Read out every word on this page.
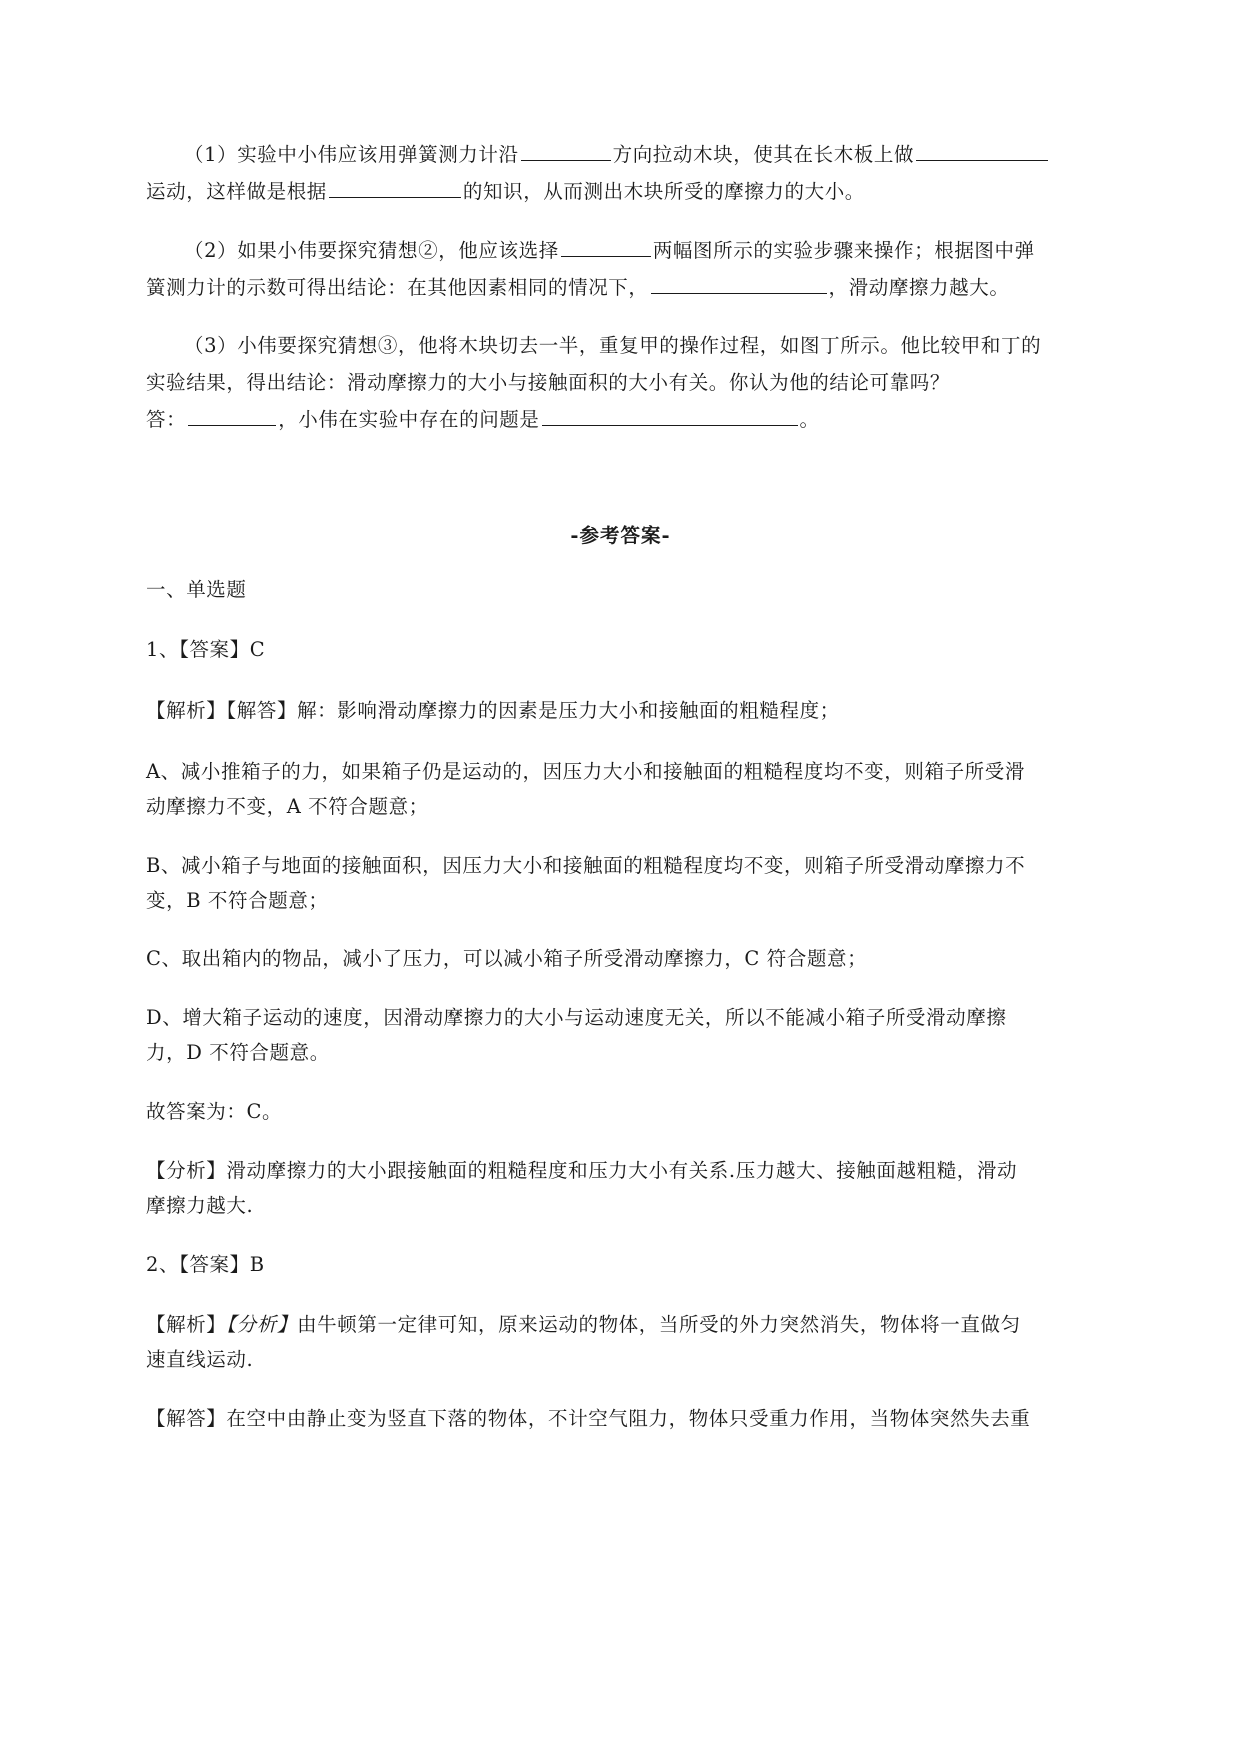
（1）实验中小伟应该用弹簧测力计沿	方向拉动木块，使其在长木板上做
运动，这样做是根据	的知识，从而测出木块所受的摩擦力的大小。
（2）如果小伟要探究猜想②，他应该选择	两幅图所示的实验步骤来操作；根据图中弹
簧测力计的示数可得出结论：在其他因素相同的情况下，	，滑动摩擦力越大。
（3）小伟要探究猜想③，他将木块切去一半，重复甲的操作过程，如图丁所示。他比较甲和丁的
实验结果，得出结论：滑动摩擦力的大小与接触面积的大小有关。你认为他的结论可靠吗？
答：	，小伟在实验中存在的问题是	。
-参考答案-
一、单选题
1、【答案】C
【解析】【解答】解：影响滑动摩擦力的因素是压力大小和接触面的粗糙程度；
A、减小推箱子的力，如果箱子仍是运动的，因压力大小和接触面的粗糙程度均不变，则箱子所受滑
动摩擦力不变，A 不符合题意；
B、减小箱子与地面的接触面积，因压力大小和接触面的粗糙程度均不变，则箱子所受滑动摩擦力不
变，B 不符合题意；
C、取出箱内的物品，减小了压力，可以减小箱子所受滑动摩擦力，C 符合题意；
D、增大箱子运动的速度，因滑动摩擦力的大小与运动速度无关，所以不能减小箱子所受滑动摩擦
力，D 不符合题意。
故答案为：C。
【分析】滑动摩擦力的大小跟接触面的粗糙程度和压力大小有关系.压力越大、接触面越粗糙，滑动
摩擦力越大.
2、【答案】B
【解析】【分析】由牛顿第一定律可知，原来运动的物体，当所受的外力突然消失，物体将一直做匀
速直线运动.
【解答】在空中由静止变为竖直下落的物体，不计空气阻力，物体只受重力作用，当物体突然失去重
